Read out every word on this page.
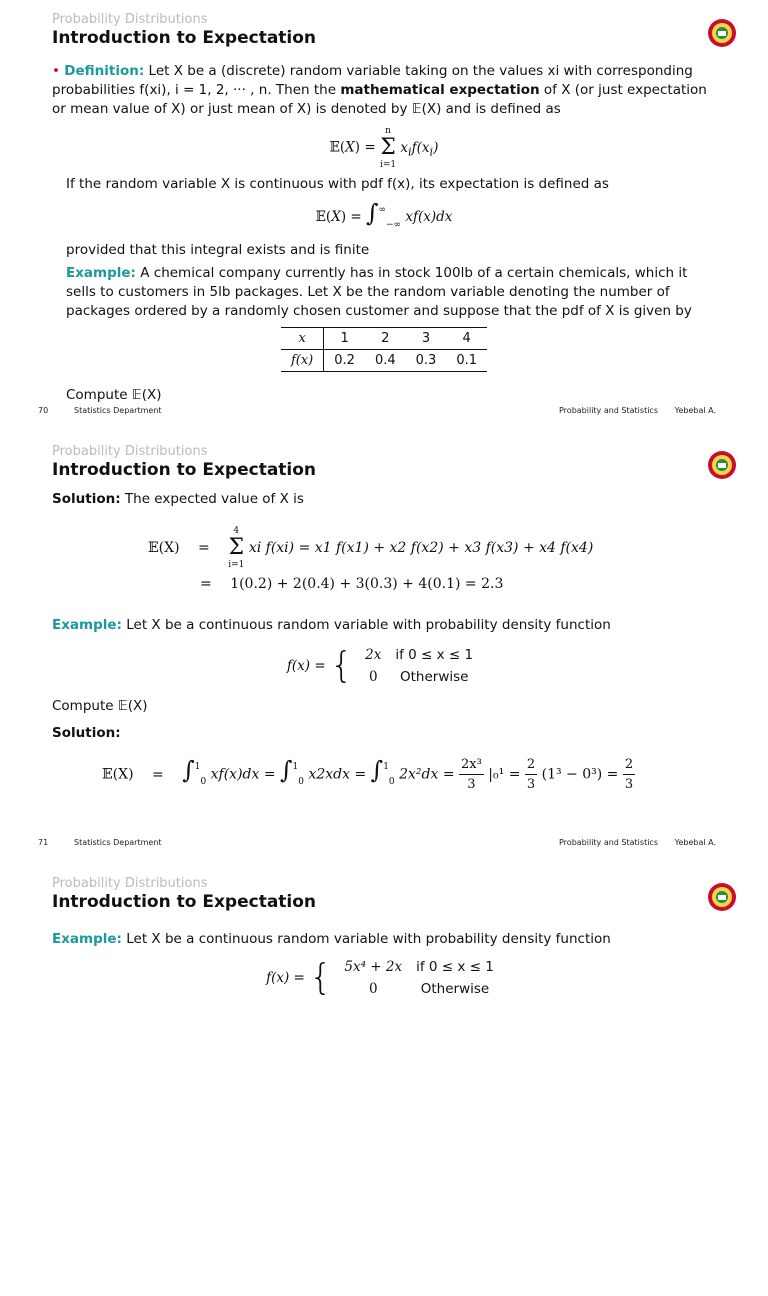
Probability Distributions
Introduction to Expectation
• Definition: Let X be a (discrete) random variable taking on the values xi with corresponding probabilities f(xi), i = 1, 2, ··· , n. Then the mathematical expectation of X (or just expectation or mean value of X) or just mean of X) is denoted by 𝔼(X) and is defined as
𝔼(X) =
n
Σ
i=1
$x_if(x_i)$
If the random variable X is continuous with pdf f(x), its expectation is defined as
𝔼(X) = $\int^\infty_{-\infty}$ xf(x)dx
provided that this integral exists and is finite
Example: A chemical company currently has in stock 100lb of a certain chemicals, which it sells to customers in 5lb packages. Let X be the random variable denoting the number of packages ordered by a randomly chosen customer and suppose that the pdf of X is given by
x	1	2	3	4
f(x)	0.2	0.4	0.3	0.1
Compute 𝔼(X)
70	Statistics Department	Probability and Statistics Yebebal A.
Probability Distributions
Introduction to Expectation
Solution: The expected value of X is
𝔼(X) =
4
Σ
i=1
xi f(xi) = x1 f(x1) + x2 f(x2) + x3 f(x3) + x4 f(x4)
= 1(0.2) + 2(0.4) + 3(0.3) + 4(0.1) = 2.3
Example: Let X be a continuous random variable with probability density function
f(x) = { 2x	if 0 ≤ x ≤ 1
0	Otherwise
Compute 𝔼(X)
Solution:
𝔼(X) = ∫$^1_0$ xf(x)dx = ∫$^1_0$ x2xdx = ∫$^1_0$ $2x^2dx = \frac{\text{2x³}}{3} |_0^1 = \frac{2}{3} (1^3 - 0^3) = \frac{2}{3}$
71	Statistics Department	Probability and Statistics Yebebal A.
Probability Distributions
Introduction to Expectation
Example: Let X be a continuous random variable with probability density function
f(x) = { 5x⁴ + 2x	if 0 ≤ x ≤ 1
0	Otherwise
